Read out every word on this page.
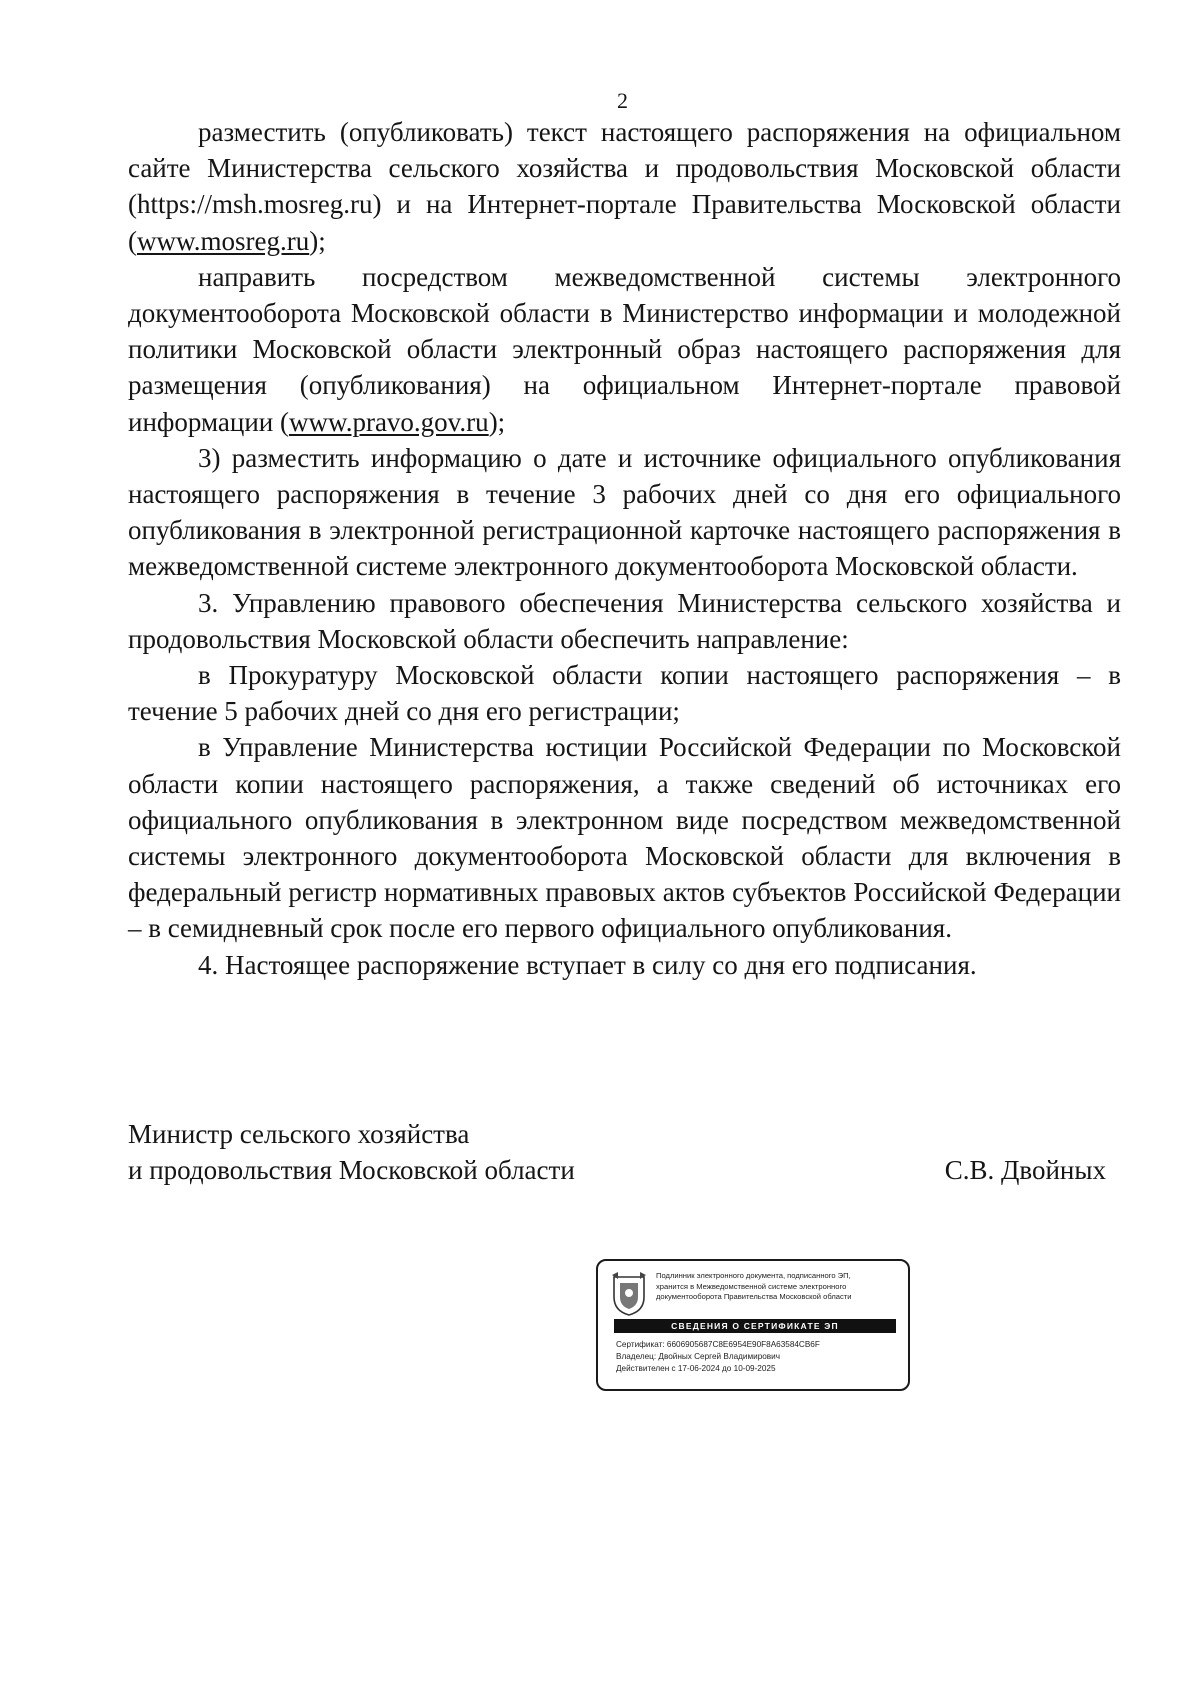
2

разместить (опубликовать) текст настоящего распоряжения на официальном сайте Министерства сельского хозяйства и продовольствия Московской области (https://msh.mosreg.ru) и на Интернет-портале Правительства Московской области (www.mosreg.ru);

направить посредством межведомственной системы электронного документооборота Московской области в Министерство информации и молодежной политики Московской области электронный образ настоящего распоряжения для размещения (опубликования) на официальном Интернет-портале правовой информации (www.pravo.gov.ru);

3) разместить информацию о дате и источнике официального опубликования настоящего распоряжения в течение 3 рабочих дней со дня его официального опубликования в электронной регистрационной карточке настоящего распоряжения в межведомственной системе электронного документооборота Московской области.

3. Управлению правового обеспечения Министерства сельского хозяйства и продовольствия Московской области обеспечить направление:

в Прокуратуру Московской области копии настоящего распоряжения – в течение 5 рабочих дней со дня его регистрации;

в Управление Министерства юстиции Российской Федерации по Московской области копии настоящего распоряжения, а также сведений об источниках его официального опубликования в электронном виде посредством межведомственной системы электронного документооборота Московской области для включения в федеральный регистр нормативных правовых актов субъектов Российской Федерации – в семидневный срок после его первого официального опубликования.

4. Настоящее распоряжение вступает в силу со дня его подписания.

Министр сельского хозяйства
и продовольствия Московской области	С.В. Двойных
Подлинник электронного документа, подписанного ЭП,
хранится в Межведомственной системе электронного
документооборота Правительства Московской области
СВЕДЕНИЯ О СЕРТИФИКАТЕ ЭП
Сертификат: 6606905687C8E6954E90F8A63584CB6F
Владелец: Двойных Сергей Владимирович
Действителен с 17-06-2024 до 10-09-2025
